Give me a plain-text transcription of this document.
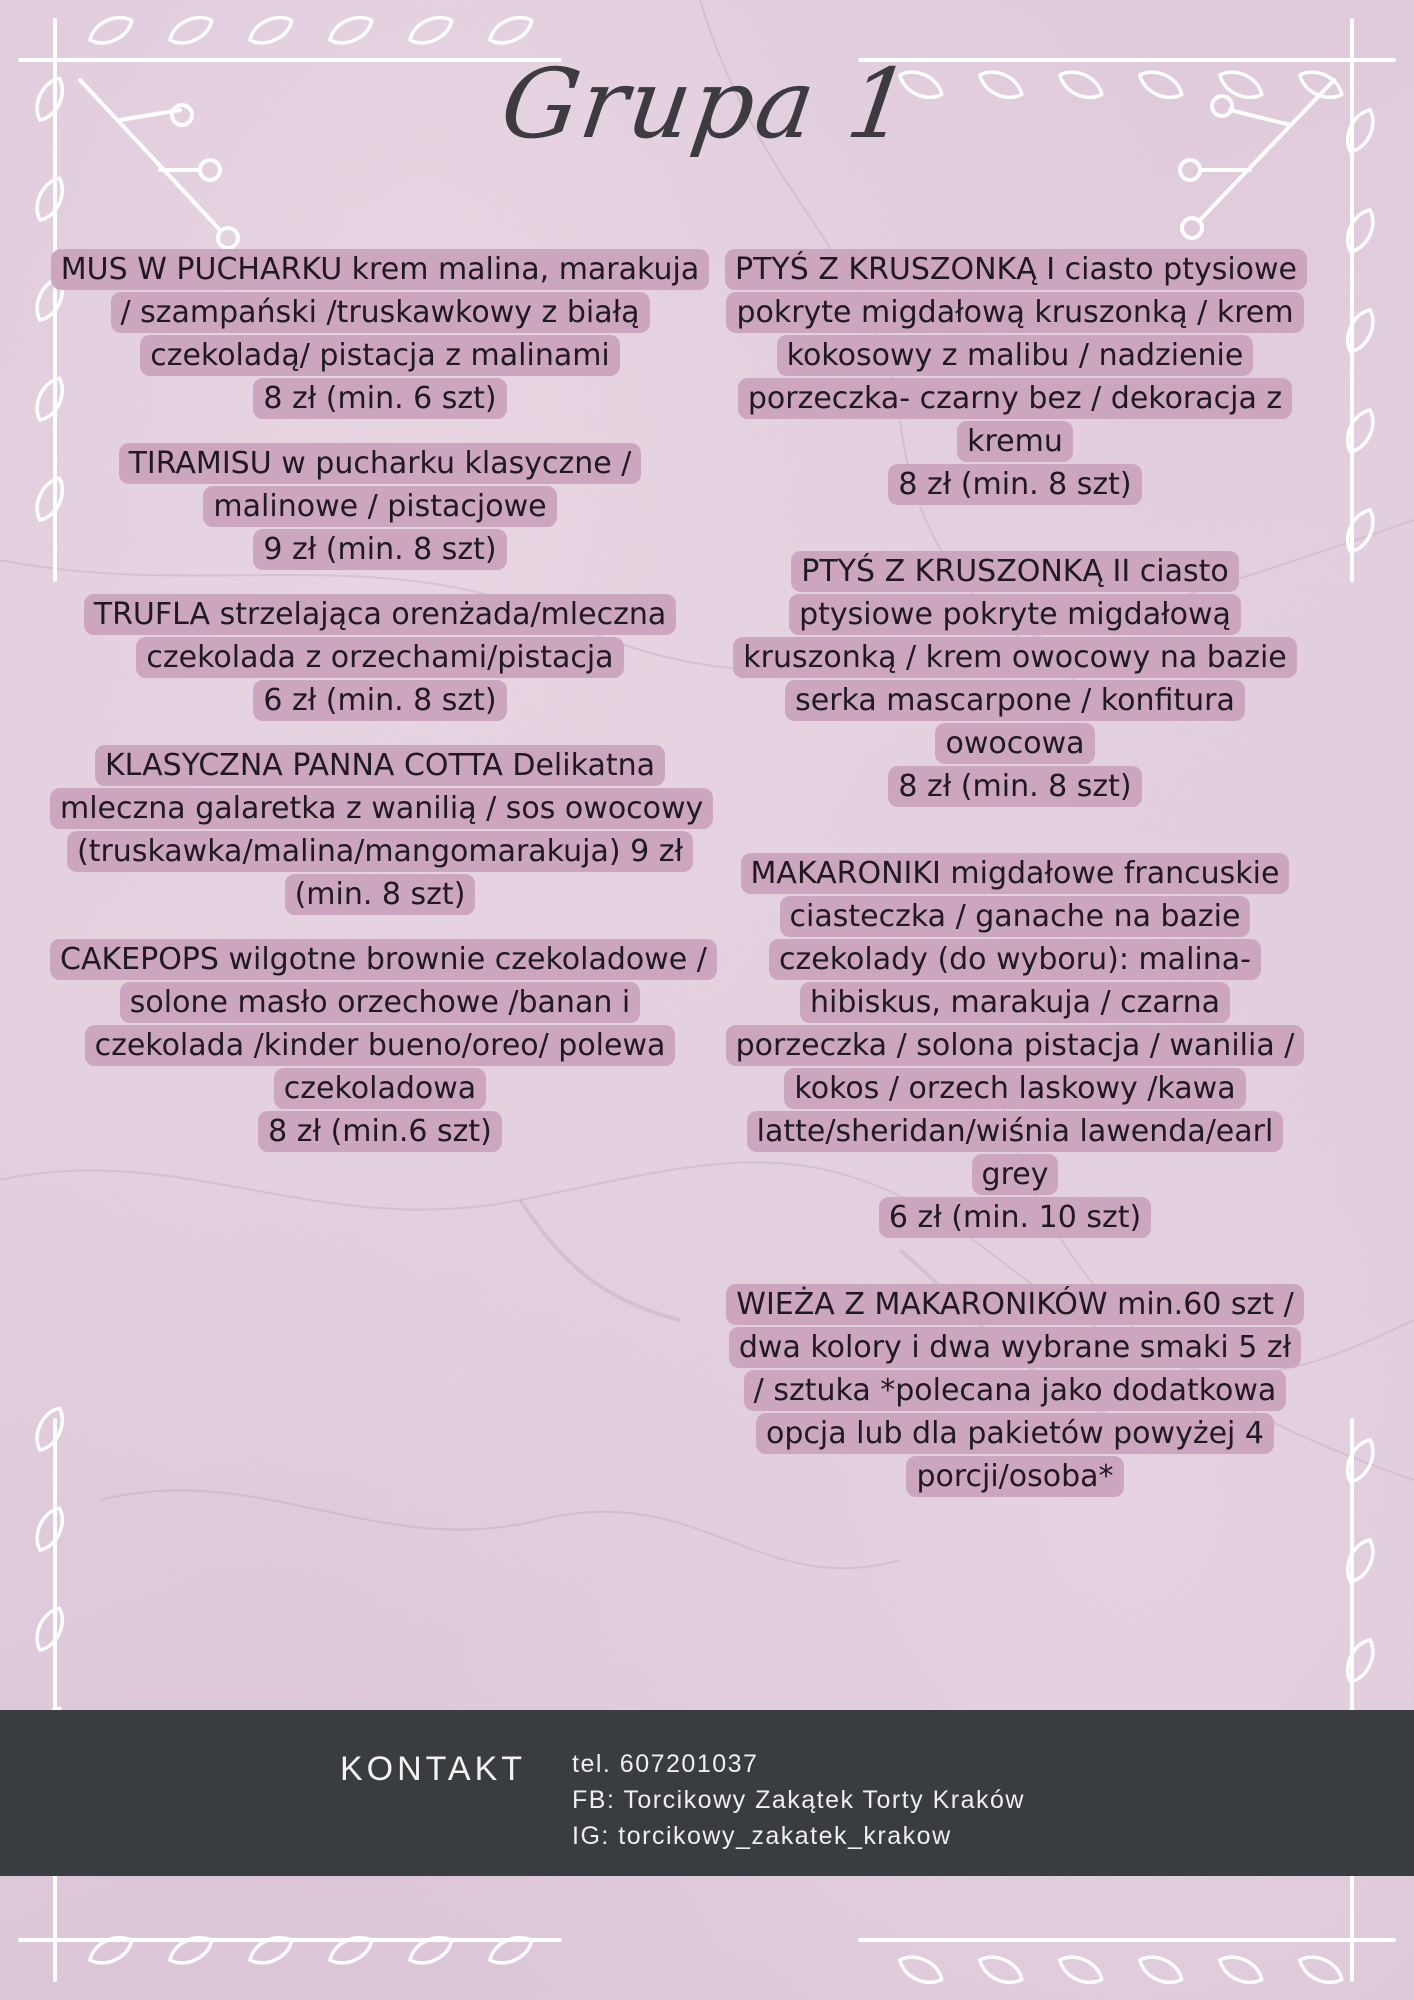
Grupa 1

MUS W PUCHARKU krem malina, marakuja / szampański /truskawkowy z białą czekoladą/ pistacja z malinami

8 zł (min. 6 szt)

TIRAMISU w pucharku klasyczne / malinowe / pistacjowe

9 zł (min. 8 szt)

TRUFLA strzelająca orenżada/mleczna czekolada z orzechami/pistacja

6 zł (min. 8 szt)

KLASYCZNA PANNA COTTA Delikatna mleczna galaretka z wanilią / sos owocowy (truskawka/malina/mangomarakuja) 9 zł (min. 8 szt)

CAKEPOPS wilgotne brownie czekoladowe / solone masło orzechowe /banan i czekolada /kinder bueno/oreo/ polewa czekoladowa

8 zł (min.6 szt)

PTYŚ Z KRUSZONKĄ I ciasto ptysiowe pokryte migdałową kruszonką / krem kokosowy z malibu / nadzienie porzeczka- czarny bez / dekoracja z kremu

8 zł (min. 8 szt)

PTYŚ Z KRUSZONKĄ II ciasto ptysiowe pokryte migdałową kruszonką / krem owocowy na bazie serka mascarpone / konfitura owocowa

8 zł (min. 8 szt)

MAKARONIKI migdałowe francuskie ciasteczka / ganache na bazie czekolady (do wyboru): malina-hibiskus, marakuja / czarna porzeczka / solona pistacja / wanilia / kokos / orzech laskowy /kawa latte/sheridan/wiśnia lawenda/earl grey

6 zł (min. 10 szt)

WIEŻA Z MAKARONIKÓW min.60 szt / dwa kolory i dwa wybrane smaki 5 zł / sztuka *polecana jako dodatkowa opcja lub dla pakietów powyżej 4 porcji/osoba*

KONTAKT tel. 607201037
FB: Torcikowy Zakątek Torty Kraków
IG: torcikowy_zakatek_krakow
